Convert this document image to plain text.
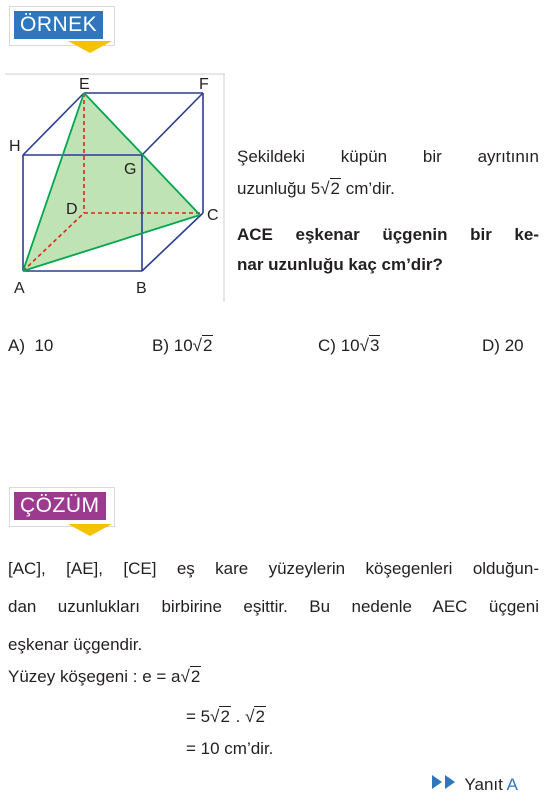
ÖRNEK
E	F
H
G
D	C
A	B
Şekildeki küpün bir ayrıtının
uzunluğu 5√2 cm’dir.
ACE eşkenar üçgenin bir ke-
nar uzunluğu kaç cm’dir?
A) 10	B) 10√2	C) 10√3	D) 20
ÇÖZÜM
[AC], [AE], [CE] eş kare yüzeylerin köşegenleri olduğun-
dan uzunlukları birbirine eşittir. Bu nedenle AEC üçgeni
eşkenar üçgendir.
Yüzey köşegeni : e = a√2
= 5√2 . √2
= 10 cm’dir.
Yanıt A
